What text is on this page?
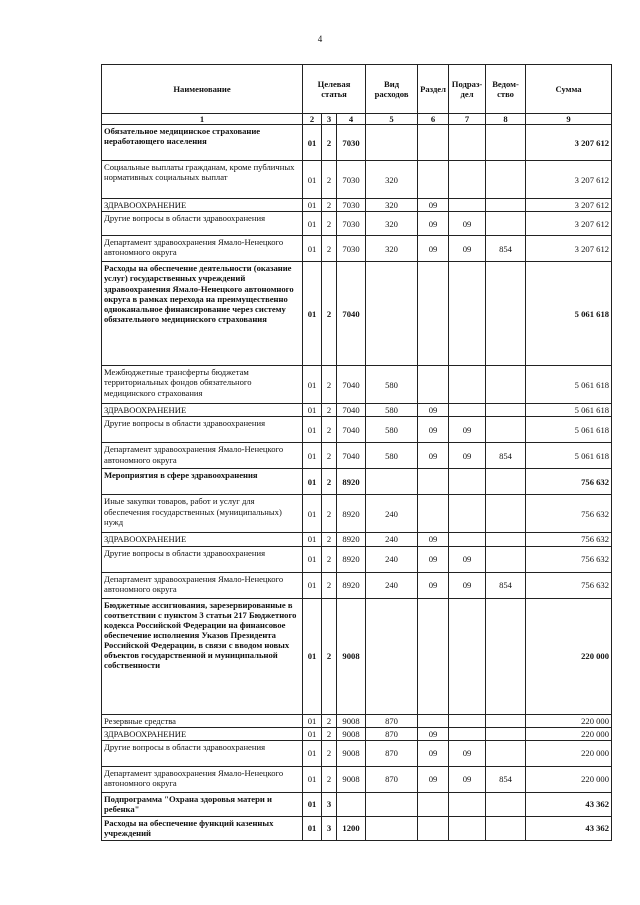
4
Наименование	Целевая статья			Вид расходов	Раздел	Подраз-дел	Ведом-ство	Сумма
1	2	3	4	5	6	7	8	9
Обязательное медицинское страхование неработающего населения	01	2	7030					3 207 612
Социальные выплаты гражданам, кроме публичных нормативных социальных выплат	01	2	7030	320				3 207 612
ЗДРАВООХРАНЕНИЕ	01	2	7030	320	09			3 207 612
Другие вопросы в области здравоохранения	01	2	7030	320	09	09		3 207 612
Департамент здравоохранения Ямало-Ненецкого автономного округа	01	2	7030	320	09	09	854	3 207 612
Расходы на обеспечение деятельности (оказание услуг) государственных учреждений здравоохранения Ямало-Ненецкого автономного округа в рамках перехода на преимущественно одноканальное финансирование через систему обязательного медицинского страхования	01	2	7040					5 061 618
Межбюджетные трансферты бюджетам территориальных фондов обязательного медицинского страхования	01	2	7040	580				5 061 618
ЗДРАВООХРАНЕНИЕ	01	2	7040	580	09			5 061 618
Другие вопросы в области здравоохранения	01	2	7040	580	09	09		5 061 618
Департамент здравоохранения Ямало-Ненецкого автономного округа	01	2	7040	580	09	09	854	5 061 618
Мероприятия в сфере здравоохранения	01	2	8920					756 632
Иные закупки товаров, работ и услуг для обеспечения государственных (муниципальных) нужд	01	2	8920	240				756 632
ЗДРАВООХРАНЕНИЕ	01	2	8920	240	09			756 632
Другие вопросы в области здравоохранения	01	2	8920	240	09	09		756 632
Департамент здравоохранения Ямало-Ненецкого автономного округа	01	2	8920	240	09	09	854	756 632
Бюджетные ассигнования, зарезервированные в соответствии с пунктом 3 статьи 217 Бюджетного кодекса Российской Федерации на финансовое обеспечение исполнения Указов Президента Российской Федерации, в связи с вводом новых объектов государственной и муниципальной собственности	01	2	9008					220 000
Резервные средства	01	2	9008	870				220 000
ЗДРАВООХРАНЕНИЕ	01	2	9008	870	09			220 000
Другие вопросы в области здравоохранения	01	2	9008	870	09	09		220 000
Департамент здравоохранения Ямало-Ненецкого автономного округа	01	2	9008	870	09	09	854	220 000
Подпрограмма "Охрана здоровья матери и ребенка"	01	3						43 362
Расходы на обеспечение функций казенных учреждений	01	3	1200					43 362
